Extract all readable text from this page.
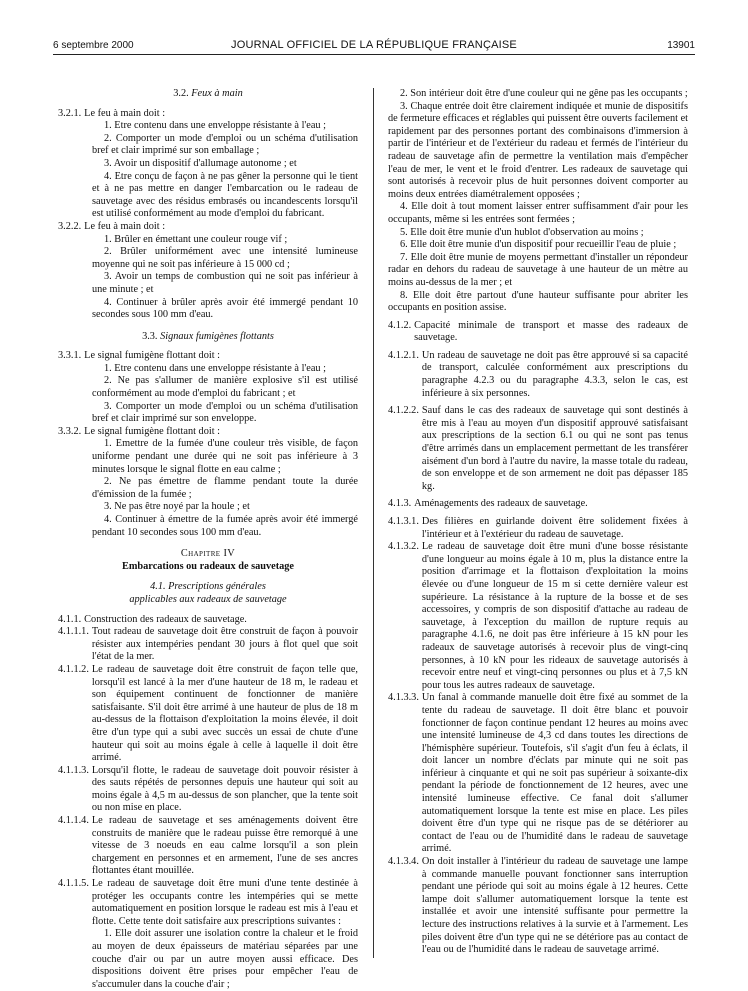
6 septembre 2000	JOURNAL OFFICIEL DE LA RÉPUBLIQUE FRANÇAISE	13901

3.2. Feux à main

3.2.1. Le feu à main doit :

1. Etre contenu dans une enveloppe résistante à l'eau ;

2. Comporter un mode d'emploi ou un schéma d'utilisation bref et clair imprimé sur son emballage ;

3. Avoir un dispositif d'allumage autonome ; et

4. Etre conçu de façon à ne pas gêner la personne qui le tient et à ne pas mettre en danger l'embarcation ou le radeau de sauvetage avec des résidus embrasés ou incandescents lorsqu'il est utilisé conformément au mode d'emploi du fabricant.

3.2.2. Le feu à main doit :

1. Brûler en émettant une couleur rouge vif ;

2. Brûler uniformément avec une intensité lumineuse moyenne qui ne soit pas inférieure à 15 000 cd ;

3. Avoir un temps de combustion qui ne soit pas inférieur à une minute ; et

4. Continuer à brûler après avoir été immergé pendant 10 secondes sous 100 mm d'eau.

3.3. Signaux fumigènes flottants

3.3.1. Le signal fumigène flottant doit :

1. Etre contenu dans une enveloppe résistante à l'eau ;

2. Ne pas s'allumer de manière explosive s'il est utilisé conformément au mode d'emploi du fabricant ; et

3. Comporter un mode d'emploi ou un schéma d'utilisation bref et clair imprimé sur son enveloppe.

3.3.2. Le signal fumigène flottant doit :

1. Emettre de la fumée d'une couleur très visible, de façon uniforme pendant une durée qui ne soit pas inférieure à 3 minutes lorsque le signal flotte en eau calme ;

2. Ne pas émettre de flamme pendant toute la durée d'émission de la fumée ;

3. Ne pas être noyé par la houle ; et

4. Continuer à émettre de la fumée après avoir été immergé pendant 10 secondes sous 100 mm d'eau.

Chapitre IV

Embarcations ou radeaux de sauvetage

4.1. Prescriptions générales

applicables aux radeaux de sauvetage

4.1.1. Construction des radeaux de sauvetage.
4.1.1.1. Tout radeau de sauvetage doit être construit de façon à pouvoir résister aux intempéries pendant 30 jours à flot quel que soit l'état de la mer.
4.1.1.2. Le radeau de sauvetage doit être construit de façon telle que, lorsqu'il est lancé à la mer d'une hauteur de 18 m, le radeau et son équipement continuent de fonctionner de manière satisfaisante. S'il doit être arrimé à une hauteur de plus de 18 m au-dessus de la flottaison d'exploitation la moins élevée, il doit être d'un type qui a subi avec succès un essai de chute d'une hauteur qui soit au moins égale à celle à laquelle il doit être arrimé.
4.1.1.3. Lorsqu'il flotte, le radeau de sauvetage doit pouvoir résister à des sauts répétés de personnes depuis une hauteur qui soit au moins égale à 4,5 m au-dessus de son plancher, que la tente soit ou non mise en place.
4.1.1.4. Le radeau de sauvetage et ses aménagements doivent être construits de manière que le radeau puisse être remorqué à une vitesse de 3 noeuds en eau calme lorsqu'il a son plein chargement en personnes et en armement, l'une de ses ancres flottantes étant mouillée.
4.1.1.5. Le radeau de sauvetage doit être muni d'une tente destinée à protéger les occupants contre les intempéries qui se mette automatiquement en position lorsque le radeau est mis à l'eau et flotte. Cette tente doit satisfaire aux prescriptions suivantes :

1. Elle doit assurer une isolation contre la chaleur et le froid au moyen de deux épaisseurs de matériau séparées par une couche d'air ou par un autre moyen aussi efficace. Des dispositions doivent être prises pour empêcher l'eau de s'accumuler dans la couche d'air ;

2. Son intérieur doit être d'une couleur qui ne gêne pas les occupants ;

3. Chaque entrée doit être clairement indiquée et munie de dispositifs de fermeture efficaces et réglables qui puissent être ouverts facilement et rapidement par des personnes portant des combinaisons d'immersion à partir de l'intérieur et de l'extérieur du radeau et fermés de l'intérieur du radeau de sauvetage afin de permettre la ventilation mais d'empêcher l'eau de mer, le vent et le froid d'entrer. Les radeaux de sauvetage qui sont autorisés à recevoir plus de huit personnes doivent comporter au moins deux entrées diamétralement opposées ;

4. Elle doit à tout moment laisser entrer suffisamment d'air pour les occupants, même si les entrées sont fermées ;

5. Elle doit être munie d'un hublot d'observation au moins ;

6. Elle doit être munie d'un dispositif pour recueillir l'eau de pluie ;

7. Elle doit être munie de moyens permettant d'installer un répondeur radar en dehors du radeau de sauvetage à une hauteur de un mètre au moins au-dessus de la mer ; et

8. Elle doit être partout d'une hauteur suffisante pour abriter les occupants en position assise.

4.1.2. Capacité minimale de transport et masse des radeaux de sauvetage.
4.1.2.1. Un radeau de sauvetage ne doit pas être approuvé si sa capacité de transport, calculée conformément aux prescriptions du paragraphe 4.2.3 ou du paragraphe 4.3.3, selon le cas, est inférieure à six personnes.
4.1.2.2. Sauf dans le cas des radeaux de sauvetage qui sont destinés à être mis à l'eau au moyen d'un dispositif approuvé satisfaisant aux prescriptions de la section 6.1 ou qui ne sont pas tenus d'être arrimés dans un emplacement permettant de les transférer aisément d'un bord à l'autre du navire, la masse totale du radeau, de son enveloppe et de son armement ne doit pas dépasser 185 kg.
4.1.3. Aménagements des radeaux de sauvetage.
4.1.3.1. Des filières en guirlande doivent être solidement fixées à l'intérieur et à l'extérieur du radeau de sauvetage.
4.1.3.2. Le radeau de sauvetage doit être muni d'une bosse résistante d'une longueur au moins égale à 10 m, plus la distance entre la position d'arrimage et la flottaison d'exploitation la moins élevée ou d'une longueur de 15 m si cette dernière valeur est supérieure. La résistance à la rupture de la bosse et de ses accessoires, y compris de son dispositif d'attache au radeau de sauvetage, à l'exception du maillon de rupture requis au paragraphe 4.1.6, ne doit pas être inférieure à 15 kN pour les radeaux de sauvetage autorisés à recevoir plus de vingt-cinq personnes, à 10 kN pour les rideaux de sauvetage autorisés à recevoir entre neuf et vingt-cinq personnes ou plus et à 7,5 kN pour tous les autres radeaux de sauvetage.
4.1.3.3. Un fanal à commande manuelle doit être fixé au sommet de la tente du radeau de sauvetage. Il doit être blanc et pouvoir fonctionner de façon continue pendant 12 heures au moins avec une intensité lumineuse de 4,3 cd dans toutes les directions de l'hémisphère supérieur. Toutefois, s'il s'agit d'un feu à éclats, il doit lancer un nombre d'éclats par minute qui ne soit pas inférieur à cinquante et qui ne soit pas supérieur à soixante-dix pendant la période de fonctionnement de 12 heures, avec une intensité lumineuse effective. Ce fanal doit s'allumer automatiquement lorsque la tente est mise en place. Les piles doivent être d'un type qui ne risque pas de se détériorer au contact de l'eau ou de l'humidité dans le radeau de sauvetage arrimé.
4.1.3.4. On doit installer à l'intérieur du radeau de sauvetage une lampe à commande manuelle pouvant fonctionner sans interruption pendant une période qui soit au moins égale à 12 heures. Cette lampe doit s'allumer automatiquement lorsque la tente est installée et avoir une intensité suffisante pour permettre la lecture des instructions relatives à la survie et à l'armement. Les piles doivent être d'un type qui ne se détériore pas au contact de l'eau ou de l'humidité dans le radeau de sauvetage arrimé.
